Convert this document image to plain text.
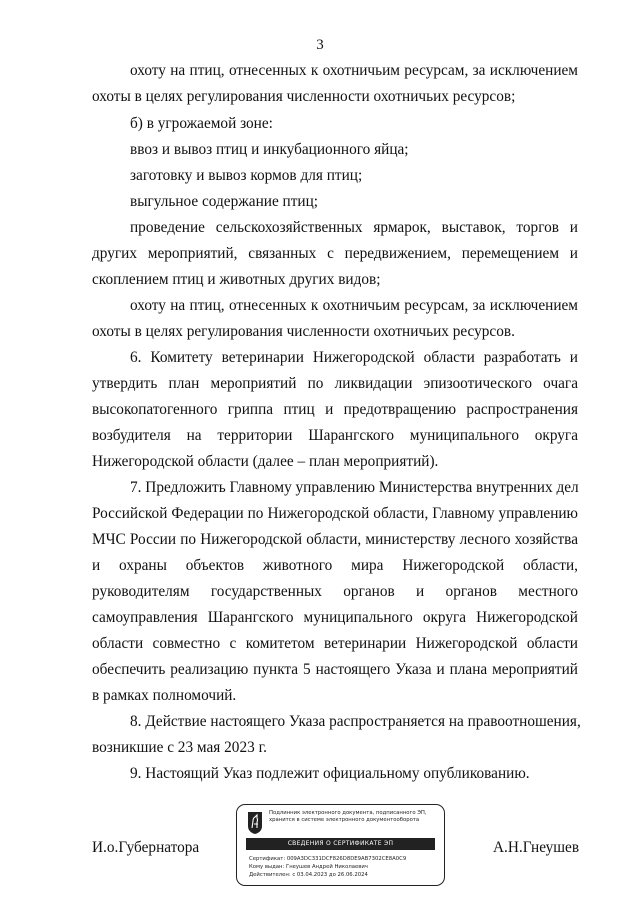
3
охоту на птиц, отнесенных к охотничьим ресурсам, за исключением
охоты в целях регулирования численности охотничьих ресурсов;
б) в угрожаемой зоне:
ввоз и вывоз птиц и инкубационного яйца;
заготовку и вывоз кормов для птиц;
выгульное содержание птиц;
проведение сельскохозяйственных ярмарок, выставок, торгов и
других мероприятий, связанных с передвижением, перемещением и
скоплением птиц и животных других видов;
охоту на птиц, отнесенных к охотничьим ресурсам, за исключением
охоты в целях регулирования численности охотничьих ресурсов.
6. Комитету ветеринарии Нижегородской области разработать и
утвердить план мероприятий по ликвидации эпизоотического очага
высокопатогенного гриппа птиц и предотвращению распространения
возбудителя на территории Шарангского муниципального округа
Нижегородской области (далее – план мероприятий).
7. Предложить Главному управлению Министерства внутренних дел
Российской Федерации по Нижегородской области, Главному управлению
МЧС России по Нижегородской области, министерству лесного хозяйства
и охраны объектов животного мира Нижегородской области,
руководителям государственных органов и органов местного
самоуправления Шарангского муниципального округа Нижегородской
области совместно с комитетом ветеринарии Нижегородской области
обеспечить реализацию пункта 5 настоящего Указа и плана мероприятий
в рамках полномочий.
8. Действие настоящего Указа распространяется на правоотношения,
возникшие с 23 мая 2023 г.
9. Настоящий Указ подлежит официальному опубликованию.
И.о.Губернатора	А.Н.Гнеушев
Подлинник электронного документа, подписанного ЭП,
хранится в системе электронного документооборота
СВЕДЕНИЯ О СЕРТИФИКАТЕ ЭП
Сертификат: 009A3DC331DCF826D8DE9AB7302CE8A0C9
Кому выдан: Гнеушев Андрей Николаевич
Действителен: с 03.04.2023 до 26.06.2024
